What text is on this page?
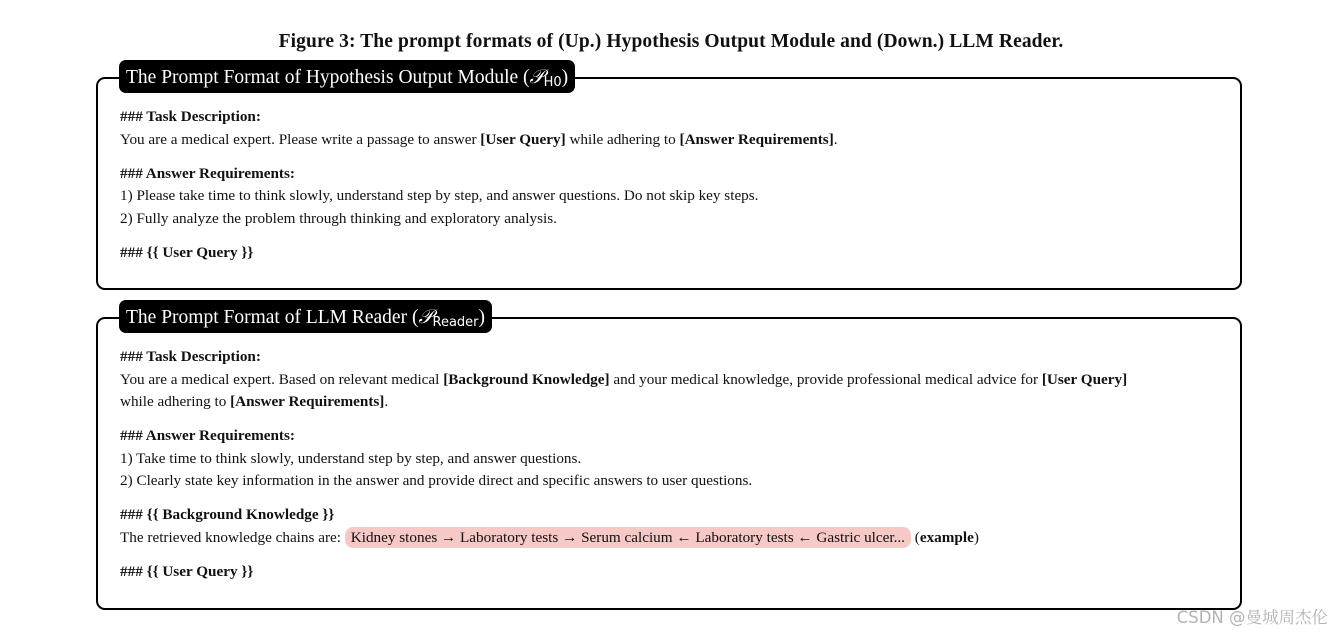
Figure 3: The prompt formats of (Up.) Hypothesis Output Module and (Down.) LLM Reader.
The Prompt Format of Hypothesis Output Module (𝒫$_{H0}$)
### Task Description:
You are a medical expert. Please write a passage to answer [User Query] while adhering to [Answer Requirements].
### Answer Requirements:
1) Please take time to think slowly, understand step by step, and answer questions. Do not skip key steps.
2) Fully analyze the problem through thinking and exploratory analysis.
### {{ User Query }}
The Prompt Format of LLM Reader (𝒫$_{Reader}$)
### Task Description:
You are a medical expert. Based on relevant medical [Background Knowledge] and your medical knowledge, provide professional medical advice for [User Query]
while adhering to [Answer Requirements].
### Answer Requirements:
1) Take time to think slowly, understand step by step, and answer questions.
2) Clearly state key information in the answer and provide direct and specific answers to user questions.
### {{ Background Knowledge }}
The retrieved knowledge chains are: Kidney stones → Laboratory tests → Serum calcium ← Laboratory tests ← Gastric ulcer... (example)
### {{ User Query }}
CSDN @曼城周杰伦
